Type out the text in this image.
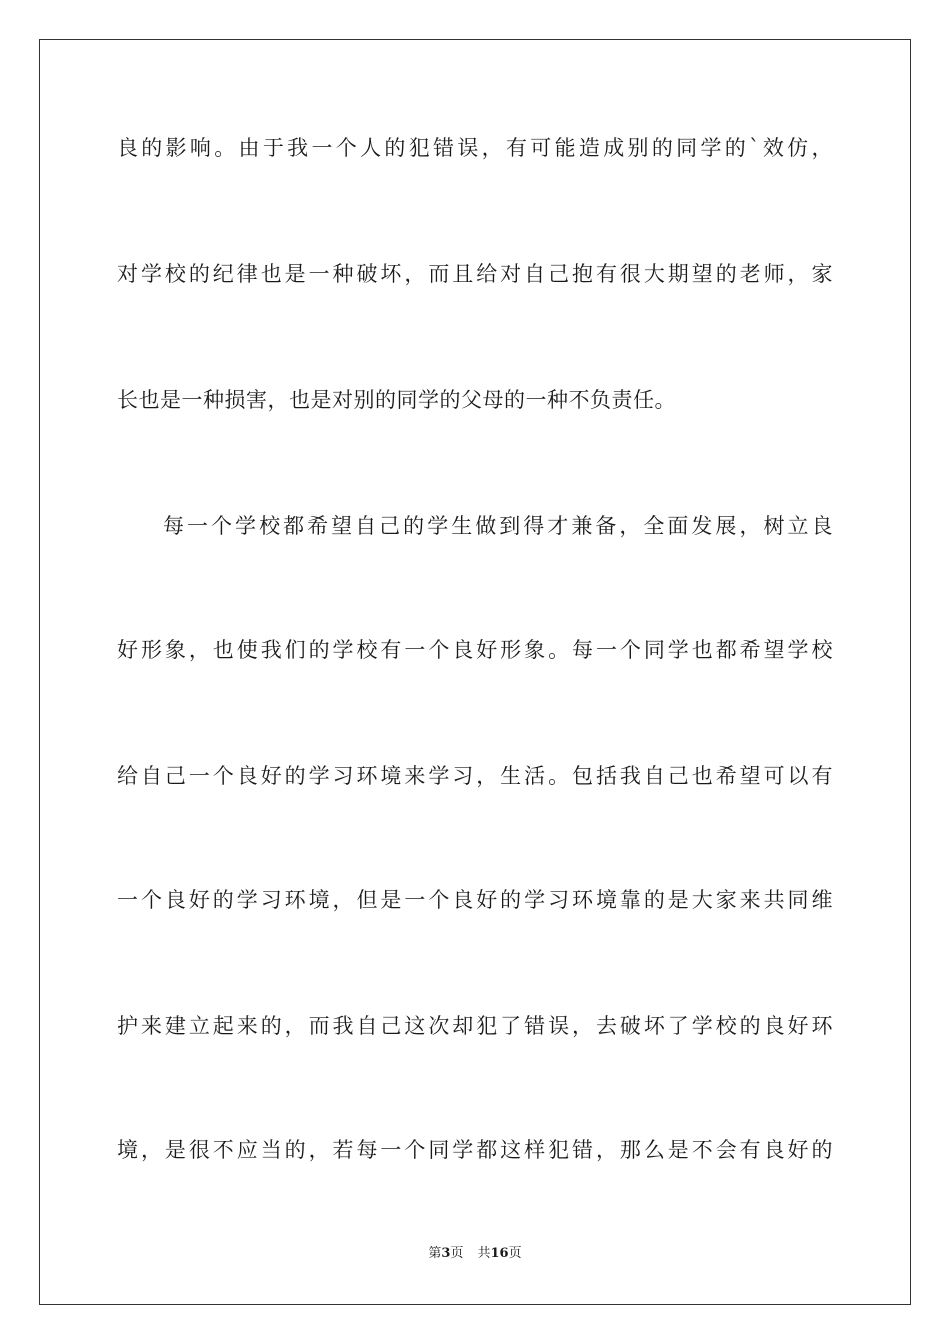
良的影响。由于我一个人的犯错误，有可能造成别的同学的`效仿，
对学校的纪律也是一种破坏，而且给对自己抱有很大期望的老师，家
长也是一种损害，也是对别的同学的父母的一种不负责任。
每一个学校都希望自己的学生做到得才兼备，全面发展，树立良
好形象，也使我们的学校有一个良好形象。每一个同学也都希望学校
给自己一个良好的学习环境来学习，生活。包括我自己也希望可以有
一个良好的学习环境，但是一个良好的学习环境靠的是大家来共同维
护来建立起来的，而我自己这次却犯了错误，去破坏了学校的良好环
境，是很不应当的，若每一个同学都这样犯错，那么是不会有良好的
第3页 共16页
